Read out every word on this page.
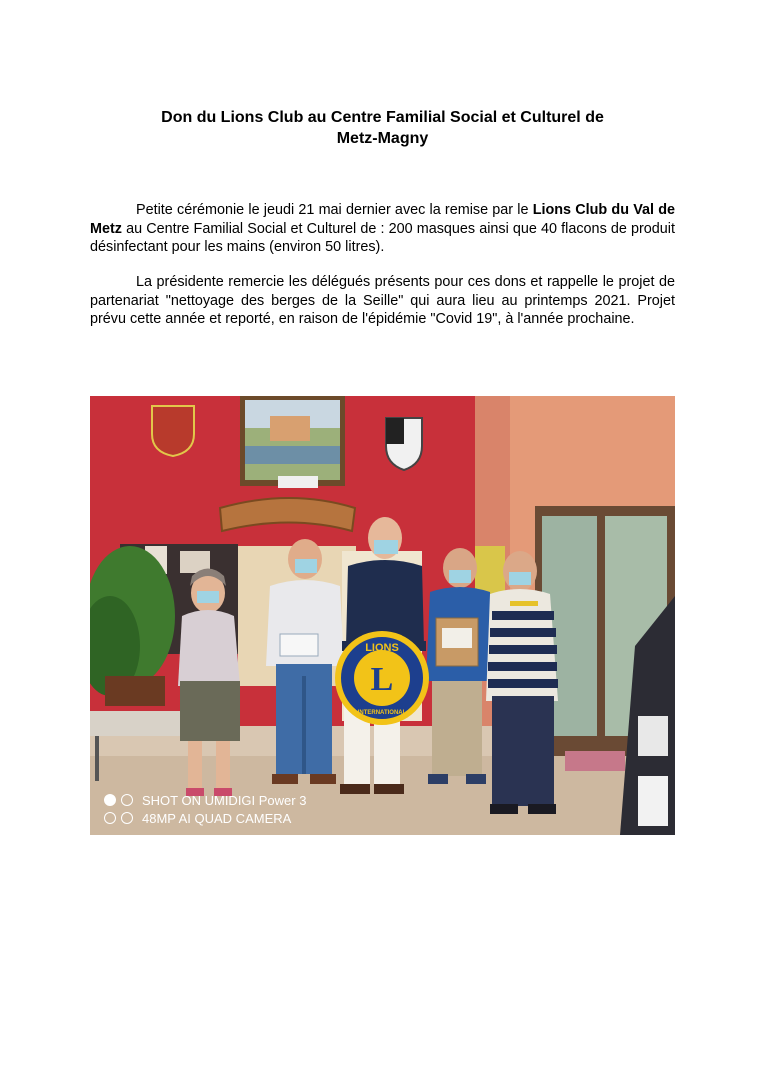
Don du Lions Club au Centre Familial Social et Culturel de
Metz-Magny
Petite cérémonie le jeudi 21 mai dernier avec la remise par le Lions Club du Val de Metz au Centre Familial Social et Culturel de : 200 masques ainsi que 40 flacons de produit désinfectant pour les mains (environ 50 litres).
La présidente remercie les délégués présents pour ces dons et rappelle le projet de partenariat "nettoyage des berges de la Seille" qui aura lieu au printemps 2021. Projet prévu cette année et reporté, en raison de l'épidémie "Covid 19", à l'année prochaine.
L
LIONS
INTERNATIONAL
SHOT ON UMIDIGI Power 3
48MP AI QUAD CAMERA
